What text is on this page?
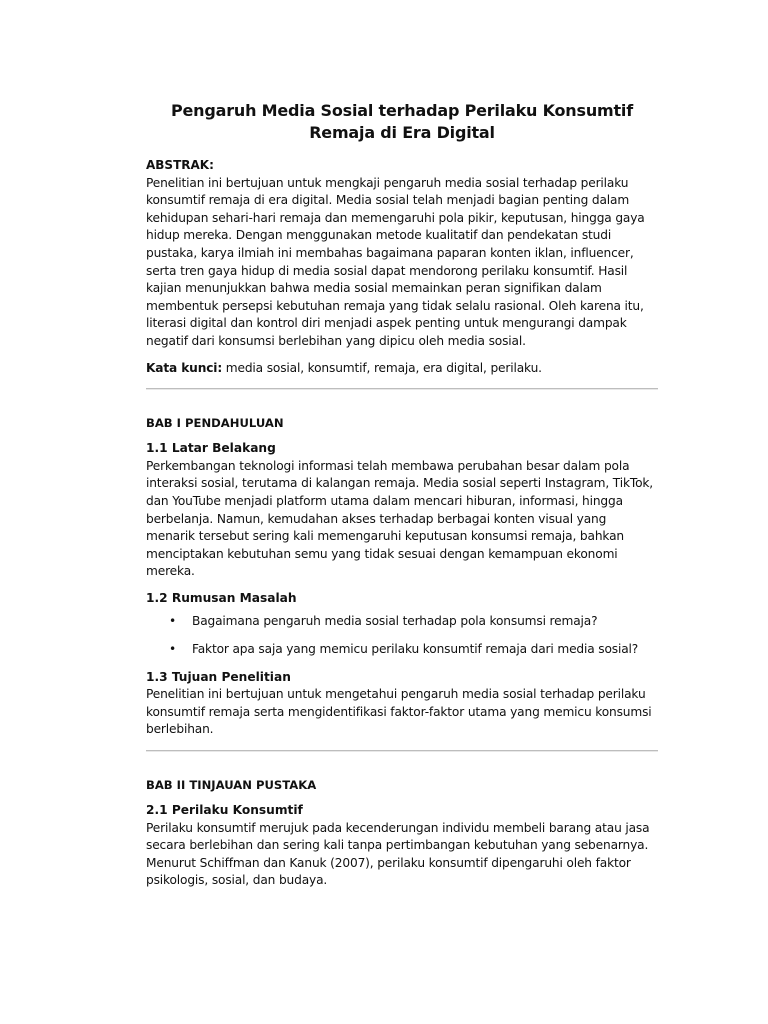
Pengaruh Media Sosial terhadap Perilaku Konsumtif Remaja di Era Digital
ABSTRAK:

Penelitian ini bertujuan untuk mengkaji pengaruh media sosial terhadap perilaku konsumtif remaja di era digital. Media sosial telah menjadi bagian penting dalam kehidupan sehari-hari remaja dan memengaruhi pola pikir, keputusan, hingga gaya hidup mereka. Dengan menggunakan metode kualitatif dan pendekatan studi pustaka, karya ilmiah ini membahas bagaimana paparan konten iklan, influencer, serta tren gaya hidup di media sosial dapat mendorong perilaku konsumtif. Hasil kajian menunjukkan bahwa media sosial memainkan peran signifikan dalam membentuk persepsi kebutuhan remaja yang tidak selalu rasional. Oleh karena itu, literasi digital dan kontrol diri menjadi aspek penting untuk mengurangi dampak negatif dari konsumsi berlebihan yang dipicu oleh media sosial.

Kata kunci: media sosial, konsumtif, remaja, era digital, perilaku.

BAB I PENDAHULUAN
1.1 Latar Belakang

Perkembangan teknologi informasi telah membawa perubahan besar dalam pola interaksi sosial, terutama di kalangan remaja. Media sosial seperti Instagram, TikTok, dan YouTube menjadi platform utama dalam mencari hiburan, informasi, hingga berbelanja. Namun, kemudahan akses terhadap berbagai konten visual yang menarik tersebut sering kali memengaruhi keputusan konsumsi remaja, bahkan menciptakan kebutuhan semu yang tidak sesuai dengan kemampuan ekonomi mereka.

1.2 Rumusan Masalah
• Bagaimana pengaruh media sosial terhadap pola konsumsi remaja?
• Faktor apa saja yang memicu perilaku konsumtif remaja dari media sosial?
1.3 Tujuan Penelitian

Penelitian ini bertujuan untuk mengetahui pengaruh media sosial terhadap perilaku konsumtif remaja serta mengidentifikasi faktor-faktor utama yang memicu konsumsi berlebihan.

BAB II TINJAUAN PUSTAKA
2.1 Perilaku Konsumtif

Perilaku konsumtif merujuk pada kecenderungan individu membeli barang atau jasa secara berlebihan dan sering kali tanpa pertimbangan kebutuhan yang sebenarnya. Menurut Schiffman dan Kanuk (2007), perilaku konsumtif dipengaruhi oleh faktor psikologis, sosial, dan budaya.
